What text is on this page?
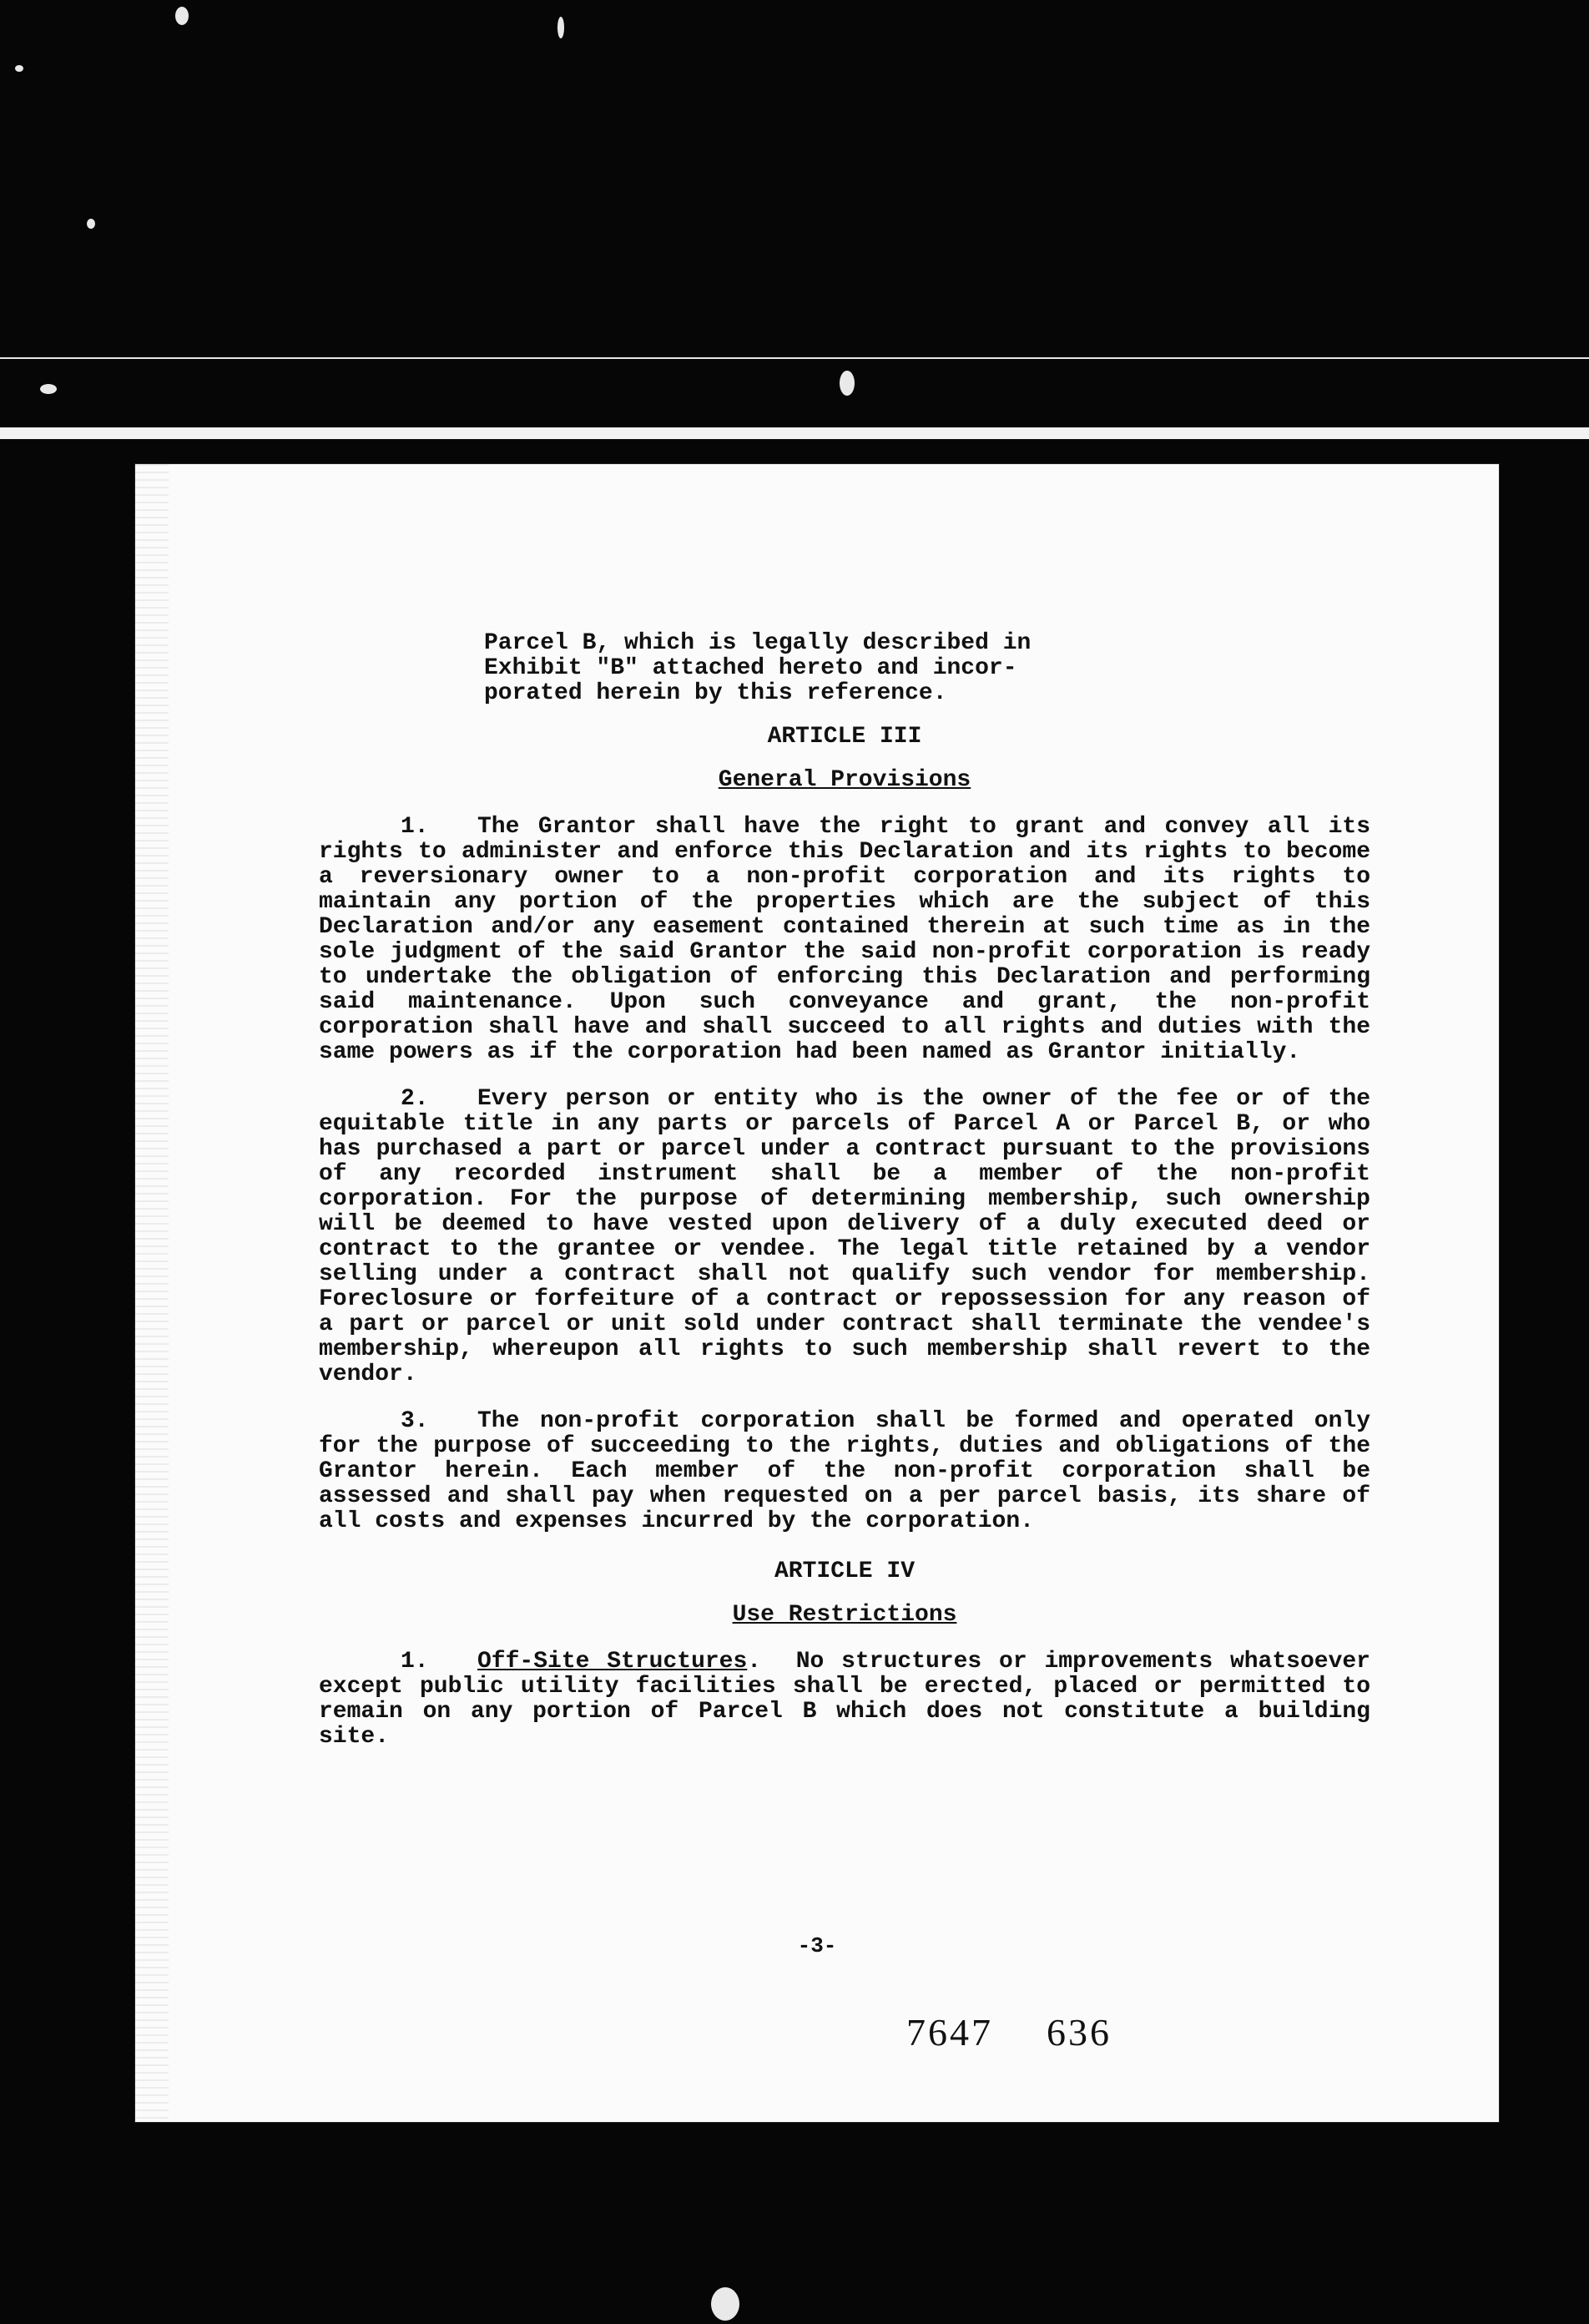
Parcel B, which is legally described in
Exhibit "B" attached hereto and incor-
porated herein by this reference.
ARTICLE III
General Provisions
1. The Grantor shall have the right to grant and convey all its rights to administer and enforce this Declaration and its rights to become a reversionary owner to a non-profit corporation and its rights to maintain any portion of the properties which are the subject of this Declaration and/or any easement contained therein at such time as in the sole judgment of the said Grantor the said non-profit corporation is ready to undertake the obligation of enforcing this Declaration and performing said maintenance. Upon such conveyance and grant, the non-profit corporation shall have and shall succeed to all rights and duties with the same powers as if the corporation had been named as Grantor initially.
2. Every person or entity who is the owner of the fee or of the equitable title in any parts or parcels of Parcel A or Parcel B, or who has purchased a part or parcel under a contract pursuant to the provisions of any recorded instrument shall be a member of the non-profit corporation. For the purpose of determining membership, such ownership will be deemed to have vested upon delivery of a duly executed deed or contract to the grantee or vendee. The legal title retained by a vendor selling under a contract shall not qualify such vendor for membership. Foreclosure or forfeiture of a contract or repossession for any reason of a part or parcel or unit sold under contract shall terminate the vendee's membership, whereupon all rights to such membership shall revert to the vendor.
3. The non-profit corporation shall be formed and operated only for the purpose of succeeding to the rights, duties and obligations of the Grantor herein. Each member of the non-profit corporation shall be assessed and shall pay when requested on a per parcel basis, its share of all costs and expenses incurred by the corporation.
ARTICLE IV
Use Restrictions
1. Off-Site Structures.  No structures or improvements whatsoever except public utility facilities shall be erected, placed or permitted to remain on any portion of Parcel B which does not constitute a building site.
-3-
7647 636
